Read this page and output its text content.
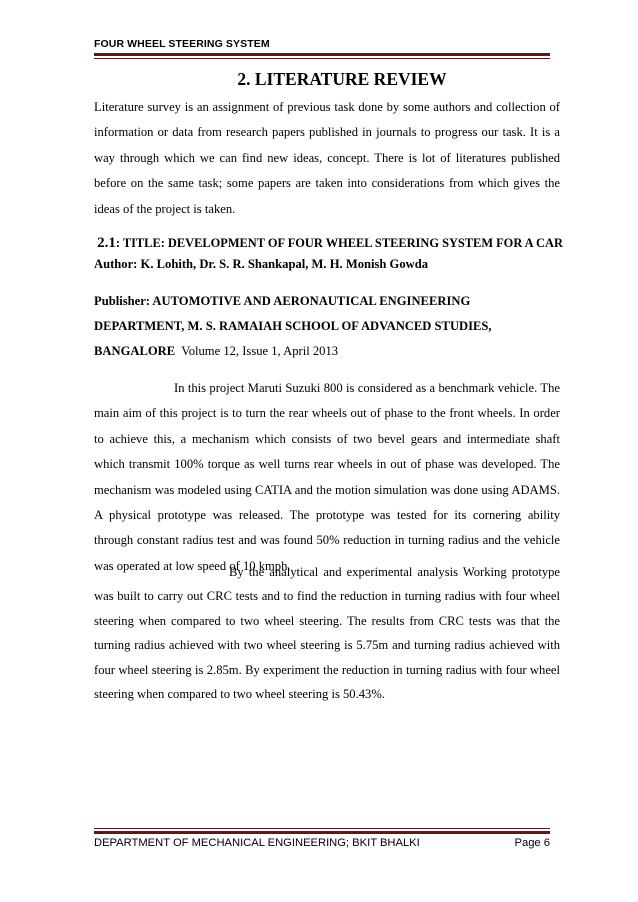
FOUR WHEEL STEERING SYSTEM
2. LITERATURE REVIEW
Literature survey is an assignment of previous task done by some authors and collection of information or data from research papers published in journals to progress our task. It is a way through which we can find new ideas, concept. There is lot of literatures published before on the same task; some papers are taken into considerations from which gives the ideas of the project is taken.
2.1: TITLE: DEVELOPMENT OF FOUR WHEEL STEERING SYSTEM FOR A CAR
Author: K. Lohith, Dr. S. R. Shankapal, M. H. Monish Gowda
Publisher: AUTOMOTIVE AND AERONAUTICAL ENGINEERING
DEPARTMENT, M. S. RAMAIAH SCHOOL OF ADVANCED STUDIES,
BANGALORE  Volume 12, Issue 1, April 2013
In this project Maruti Suzuki 800 is considered as a benchmark vehicle. The main aim of this project is to turn the rear wheels out of phase to the front wheels. In order to achieve this, a mechanism which consists of two bevel gears and intermediate shaft which transmit 100% torque as well turns rear wheels in out of phase was developed. The mechanism was modeled using CATIA and the motion simulation was done using ADAMS. A physical prototype was released. The prototype was tested for its cornering ability through constant radius test and was found 50% reduction in turning radius and the vehicle was operated at low speed of 10 kmph.
By the analytical and experimental analysis Working prototype was built to carry out CRC tests and to find the reduction in turning radius with four wheel steering when compared to two wheel steering. The results from CRC tests was that the turning radius achieved with two wheel steering is 5.75m and turning radius achieved with four wheel steering is 2.85m. By experiment the reduction in turning radius with four wheel steering when compared to two wheel steering is 50.43%.
DEPARTMENT OF MECHANICAL ENGINEERING; BKIT BHALKI	Page 6
